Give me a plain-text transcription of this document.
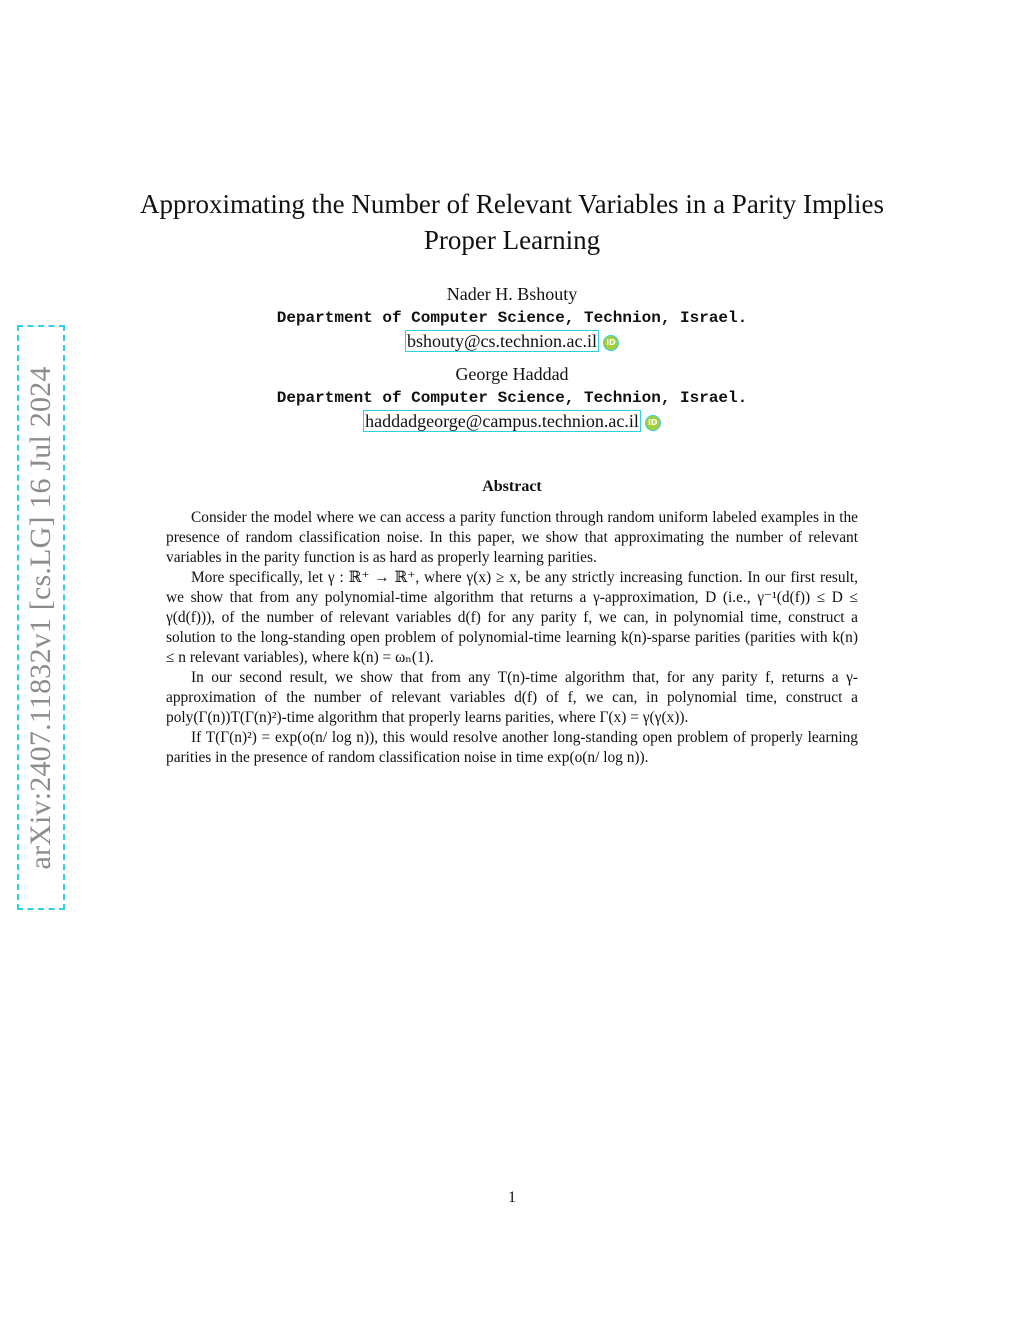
arXiv:2407.11832v1 [cs.LG] 16 Jul 2024
Approximating the Number of Relevant Variables in a Parity Implies Proper Learning
Nader H. Bshouty
Department of Computer Science, Technion, Israel.
bshouty@cs.technion.ac.il iD
George Haddad
Department of Computer Science, Technion, Israel.
haddadgeorge@campus.technion.ac.il iD
Abstract

Consider the model where we can access a parity function through random uniform labeled examples in the presence of random classification noise. In this paper, we show that approximating the number of relevant variables in the parity function is as hard as properly learning parities.

More specifically, let γ : ℝ⁺ → ℝ⁺, where γ(x) ≥ x, be any strictly increasing function. In our first result, we show that from any polynomial-time algorithm that returns a γ-approximation, D (i.e., γ⁻¹(d(f)) ≤ D ≤ γ(d(f))), of the number of relevant variables d(f) for any parity f, we can, in polynomial time, construct a solution to the long-standing open problem of polynomial-time learning k(n)-sparse parities (parities with k(n) ≤ n relevant variables), where k(n) = ωₙ(1).

In our second result, we show that from any T(n)-time algorithm that, for any parity f, returns a γ-approximation of the number of relevant variables d(f) of f, we can, in polynomial time, construct a poly(Γ(n))T(Γ(n)²)-time algorithm that properly learns parities, where Γ(x) = γ(γ(x)).

If T(Γ(n)²) = exp(o(n/ log n)), this would resolve another long-standing open problem of properly learning parities in the presence of random classification noise in time exp(o(n/ log n)).

1
